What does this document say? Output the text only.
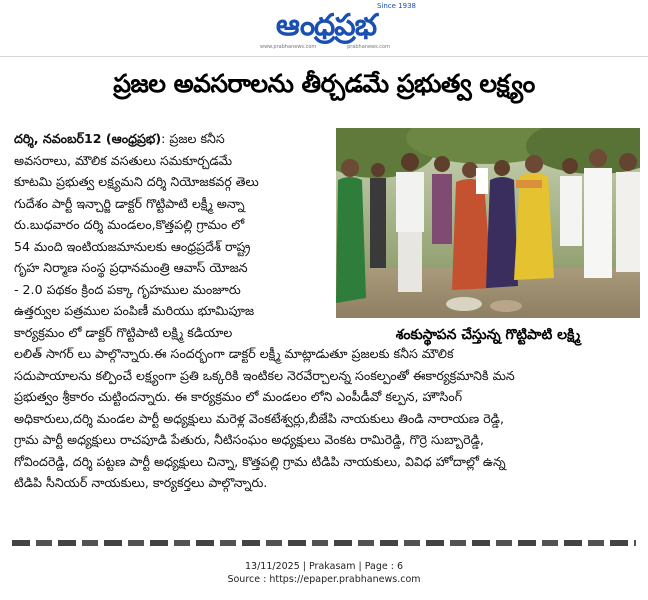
ఆంధ్రప్రభ
Since 1938
www.prabhanews.com	prabhanews.com
ప్రజల అవసరాలను తీర్చడమే ప్రభుత్వ లక్ష్యం
దర్శి, నవంబర్12 (ఆంధ్రప్రభ): ప్రజల కనీస
అవసరాలు, మౌలిక వసతులు సమకూర్చడమే
కూటమి ప్రభుత్వ లక్ష్యమని దర్శి నియోజకవర్గ తెలు
గుదేశం పార్టీ ఇన్చార్జి డాక్టర్ గొట్టిపాటి లక్ష్మీ అన్నా
రు.బుధవారం దర్శి మండలం,కొత్తపల్లి గ్రామం లో
54 మంది ఇంటియజమానులకు ఆంధ్రప్రదేశ్ రాష్ట్ర
గృహ నిర్మాణ సంస్థ ప్రధానమంత్రి ఆవాస్ యోజన
- 2.0 పథకం క్రింద పక్కా గృహముల మంజూరు
ఉత్తర్వుల పత్రముల పంపిణీ మరియు భూమిపూజ
కార్యక్రమం లో డాక్టర్ గొట్టిపాటి లక్ష్మి కడియాల	శంకుస్థాపన చేస్తున్న గొట్టిపాటి లక్ష్మి
లలిత్ సాగర్ లు పాల్గొన్నారు.ఈ సందర్భంగా డాక్టర్ లక్ష్మీ మాట్లాడుతూ ప్రజలకు కనీస మౌలిక
సదుపాయాలను కల్పించే లక్ష్యంగా ప్రతి ఒక్కరికి ఇంటికల నెరవేర్చాలన్న సంకల్పంతో ఈకార్యక్రమానికి మన
ప్రభుత్వం శ్రీకారం చుట్టిందన్నారు. ఈ కార్యక్రమం లో మండలం లోని ఎంపీడీవో కల్పన, హౌసింగ్
అధికారులు,దర్శి మండల పార్టీ అధ్యక్షులు మరెళ్ల వెంకటేశ్వర్లు,బీజేపి నాయకులు తిండి నారాయణ రెడ్డి,
గ్రామ పార్టీ అధ్యక్షులు రాచపూడి పేతురు, నీటిసంఘం అధ్యక్షులు వెంకట రామిరెడ్డి, గొర్రె సుబ్బారెడ్డి,
గోవిందరెడ్డి, దర్శి పట్టణ పార్టీ అధ్యక్షులు చిన్నా, కొత్తపల్లి గ్రామ టిడిపి నాయకులు, వివిధ హోదాల్లో ఉన్న
టిడిపి సీనియర్ నాయకులు, కార్యకర్తలు పాల్గొన్నారు.
13/11/2025 | Prakasam | Page : 6
Source : https://epaper.prabhanews.com
